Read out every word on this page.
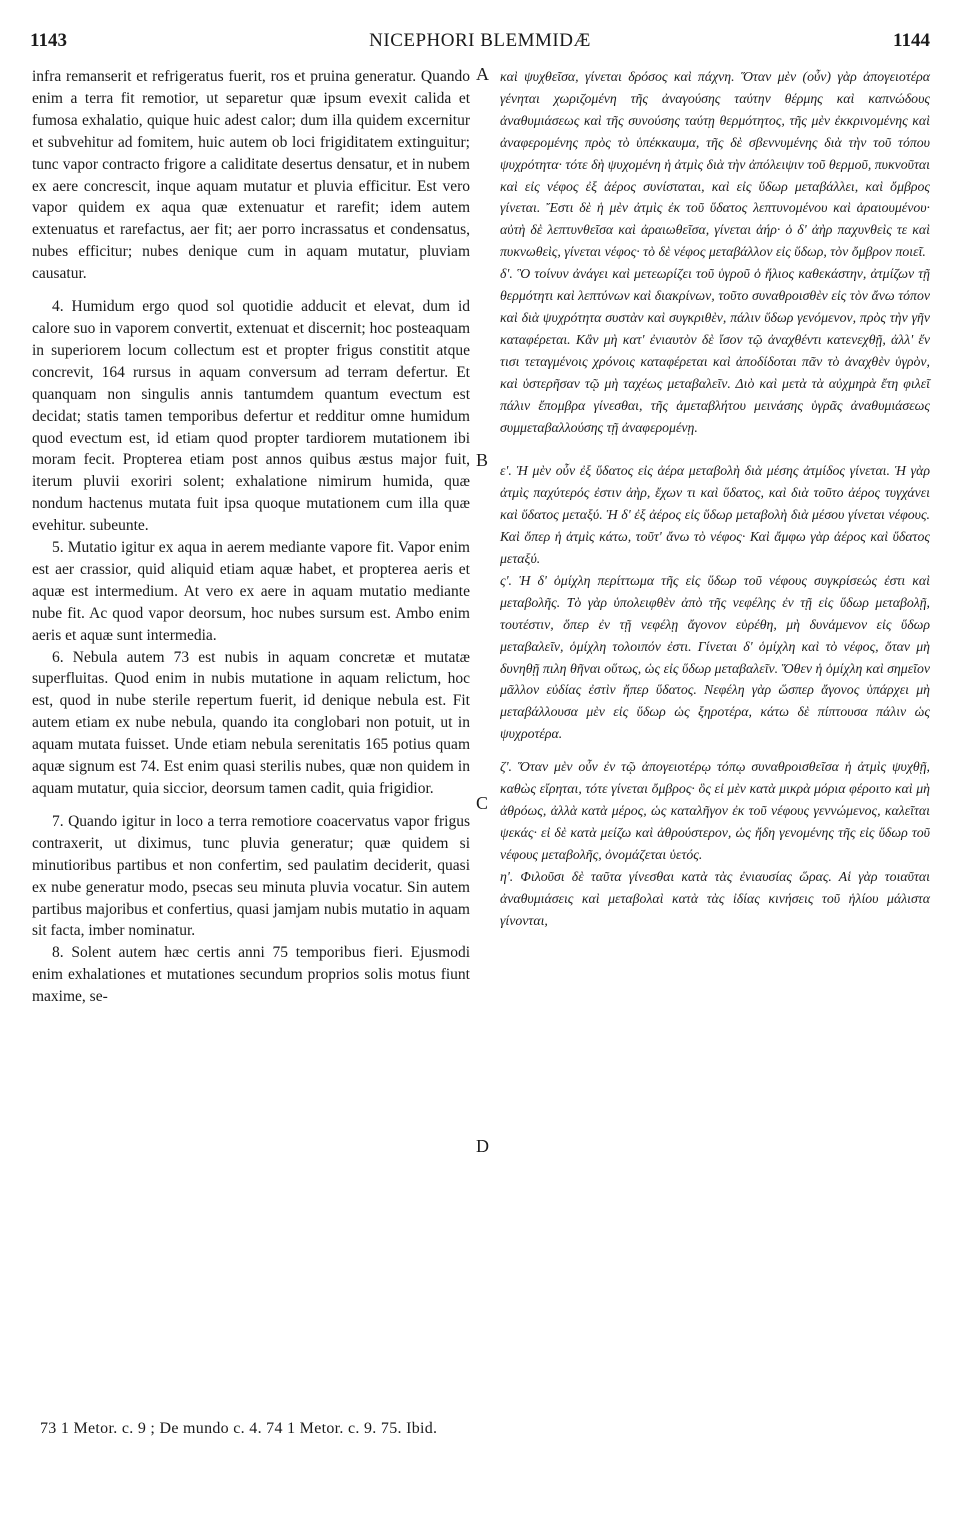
1143	NICEPHORI BLEMMIDÆ	1144

infra remanserit et refrigeratus fuerit, ros et pruina generatur. Quando enim a terra fit remotior, ut separetur quæ ipsum evexit calida et fumosa exhalatio, quique huic adest calor; dum illa quidem excernitur et subvehitur ad fomitem, huic autem ob loci frigiditatem extinguitur; tunc vapor contracto frigore a caliditate desertus densatur, et in nubem ex aere concrescit, inque aquam mutatur et pluvia efficitur. Est vero vapor quidem ex aqua quæ extenuatur et rarefit; idem autem extenuatus et rarefactus, aer fit; aer porro incrassatus et condensatus, nubes efficitur; nubes denique cum in aquam mutatur, pluviam causatur.

4. Humidum ergo quod sol quotidie adducit et elevat, dum id calore suo in vaporem convertit, extenuat et discernit; hoc posteaquam in superiorem locum collectum est et propter frigus constitit atque concrevit, 164 rursus in aquam conversum ad terram defertur. Et quanquam non singulis annis tantumdem quantum evectum est decidat; statis tamen temporibus defertur et redditur omne humidum quod evectum est, id etiam quod propter tardiorem mutationem ibi moram fecit. Propterea etiam post annos quibus æstus major fuit, iterum pluvii exoriri solent; exhalatione nimirum humida, quæ nondum hactenus mutata fuit ipsa quoque mutationem cum illa quæ evehitur. subeunte.

5. Mutatio igitur ex aqua in aerem mediante vapore fit. Vapor enim est aer crassior, quid aliquid etiam aquæ habet, et propterea aeris et aquæ est intermedium. At vero ex aere in aquam mutatio mediante nube fit. Ac quod vapor deorsum, hoc nubes sursum est. Ambo enim aeris et aquæ sunt intermedia.

6. Nebula autem 73 est nubis in aquam concretæ et mutatæ superfluitas. Quod enim in nubis mutatione in aquam relictum, hoc est, quod in nube sterile repertum fuerit, id denique nebula est. Fit autem etiam ex nube nebula, quando ita conglobari non potuit, ut in aquam mutata fuisset. Unde etiam nebula serenitatis 165 potius quam aquæ signum est 74. Est enim quasi sterilis nubes, quæ non quidem in aquam mutatur, quia siccior, deorsum tamen cadit, quia frigidior.

7. Quando igitur in loco a terra remotiore coacervatus vapor frigus contraxerit, ut diximus, tunc pluvia generatur; quæ quidem si minutioribus partibus et non confertim, sed paulatim deciderit, quasi ex nube generatur modo, psecas seu minuta pluvia vocatur. Sin autem partibus majoribus et confertius, quasi jamjam nubis mutatio in aquam sit facta, imber nominatur.

8. Solent autem hæc certis anni 75 temporibus fieri. Ejusmodi enim exhalationes et mutationes secundum proprios solis motus fiunt maxime, se-

A
B
C
D

καὶ ψυχθεῖσα, γίνεται δρόσος καὶ πάχνη. Ὅταν μὲν (οὖν) γὰρ ἀπογειοτέρα γένηται χωριζομένη τῆς ἀναγούσης ταύτην θέρμης καὶ καπνώδους ἀναθυμιάσεως καὶ τῆς συνούσης ταύτῃ θερμότητος, τῆς μὲν ἐκκρινομένης καὶ ἀναφερομένης πρὸς τὸ ὑπέκκαυμα, τῆς δὲ σβεννυμένης διὰ τὴν τοῦ τόπου ψυχρότητα· τότε δὴ ψυχομένη ἡ ἀτμὶς διὰ τὴν ἀπόλειψιν τοῦ θερμοῦ, πυκνοῦται καὶ εἰς νέφος ἐξ ἀέρος συνίσταται, καὶ εἰς ὕδωρ μεταβάλλει, καὶ ὄμβρος γίνεται. Ἔστι δὲ ἡ μὲν ἀτμὶς ἐκ τοῦ ὕδατος λεπτυνομένου καὶ ἀραιουμένου· αὐτὴ δὲ λεπτυνθεῖσα καὶ ἀραιωθεῖσα, γίνεται ἀήρ· ὁ δ' ἀὴρ παχυνθεὶς τε καὶ πυκνωθεὶς, γίνεται νέφος· τὸ δὲ νέφος μεταβάλλον εἰς ὕδωρ, τὸν ὄμβρον ποιεῖ.

δ'. Ὃ τοίνυν ἀνάγει καὶ μετεωρίζει τοῦ ὑγροῦ ὁ ἥλιος καθεκάστην, ἀτμίζων τῇ θερμότητι καὶ λεπτύνων καὶ διακρίνων, τοῦτο συναθροισθὲν εἰς τὸν ἄνω τόπον καὶ διὰ ψυχρότητα συστὰν καὶ συγκριθὲν, πάλιν ὕδωρ γενόμενον, πρὸς τὴν γῆν καταφέρεται. Κἂν μὴ κατ' ἐνιαυτὸν δὲ ἴσον τῷ ἀναχθέντι κατενεχθῇ, ἀλλ' ἔν τισι τεταγμένοις χρόνοις καταφέρεται καὶ ἀποδίδοται πᾶν τὸ ἀναχθὲν ὑγρὸν, καὶ ὑστερῆσαν τῷ μὴ ταχέως μεταβαλεῖν. Διὸ καὶ μετὰ τὰ αὐχμηρὰ ἔτη φιλεῖ πάλιν ἔπομβρα γίνεσθαι, τῆς ἀμεταβλήτου μεινάσης ὑγρᾶς ἀναθυμιάσεως συμμεταβαλλούσης τῇ ἀναφερομένῃ.

ε'. Ἡ μὲν οὖν ἐξ ὕδατος εἰς ἀέρα μεταβολὴ διὰ μέσης ἀτμίδος γίνεται. Ἡ γὰρ ἀτμὶς παχύτερός ἐστιν ἀὴρ, ἔχων τι καὶ ὕδατος, καὶ διὰ τοῦτο ἀέρος τυγχάνει καὶ ὕδατος μεταξύ. Ἡ δ' ἐξ ἀέρος εἰς ὕδωρ μεταβολὴ διὰ μέσου γίνεται νέφους. Καὶ ὅπερ ἡ ἀτμὶς κάτω, τοῦτ' ἄνω τὸ νέφος· Καὶ ἄμφω γὰρ ἀέρος καὶ ὕδατος μεταξύ.

ς'. Ἡ δ' ὁμίχλη περίττωμα τῆς εἰς ὕδωρ τοῦ νέφους συγκρίσεώς ἐστι καὶ μεταβολῆς. Τὸ γὰρ ὑπολειφθὲν ἀπὸ τῆς νεφέλης ἐν τῇ εἰς ὕδωρ μεταβολῇ, τουτέστιν, ὅπερ ἐν τῇ νεφέλῃ ἄγονον εὑρέθη, μὴ δυνάμενον εἰς ὕδωρ μεταβαλεῖν, ὁμίχλη τολοιπόν ἐστι. Γίνεται δ' ὁμίχλη καὶ τὸ νέφος, ὅταν μὴ δυνηθῇ πιλη θῆναι οὕτως, ὡς εἰς ὕδωρ μεταβαλεῖν. Ὅθεν ἡ ὁμίχλη καὶ σημεῖον μᾶλλον εὐδίας ἐστὶν ἤπερ ὕδατος. Νεφέλη γὰρ ὥσπερ ἄγονος ὑπάρχει μὴ μεταβάλλουσα μὲν εἰς ὕδωρ ὡς ξηροτέρα, κάτω δὲ πίπτουσα πάλιν ὡς ψυχροτέρα.

ζ'. Ὅταν μὲν οὖν ἐν τῷ ἀπογειοτέρῳ τόπῳ συναθροισθεῖσα ἡ ἀτμὶς ψυχθῇ, καθὼς εἴρηται, τότε γίνεται ὄμβρος· ὃς εἰ μὲν κατὰ μικρὰ μόρια φέροιτο καὶ μὴ ἀθρόως, ἀλλὰ κατὰ μέρος, ὡς καταλῆγον ἐκ τοῦ νέφους γεννώμενος, καλεῖται ψεκάς· εἰ δὲ κατὰ μείζω καὶ ἀθρούστερον, ὡς ἤδη γενομένης τῆς εἰς ὕδωρ τοῦ νέφους μεταβολῆς, ὀνομάζεται ὑετός.

η'. Φιλοῦσι δὲ ταῦτα γίνεσθαι κατὰ τὰς ἐνιαυσίας ὥρας. Αἱ γὰρ τοιαῦται ἀναθυμιάσεις καὶ μεταβολαὶ κατὰ τὰς ἰδίας κινήσεις τοῦ ἡλίου μάλιστα γίνονται,

73 1 Metor. c. 9 ; De mundo c. 4. 74 1 Metor. c. 9. 75. Ibid.
